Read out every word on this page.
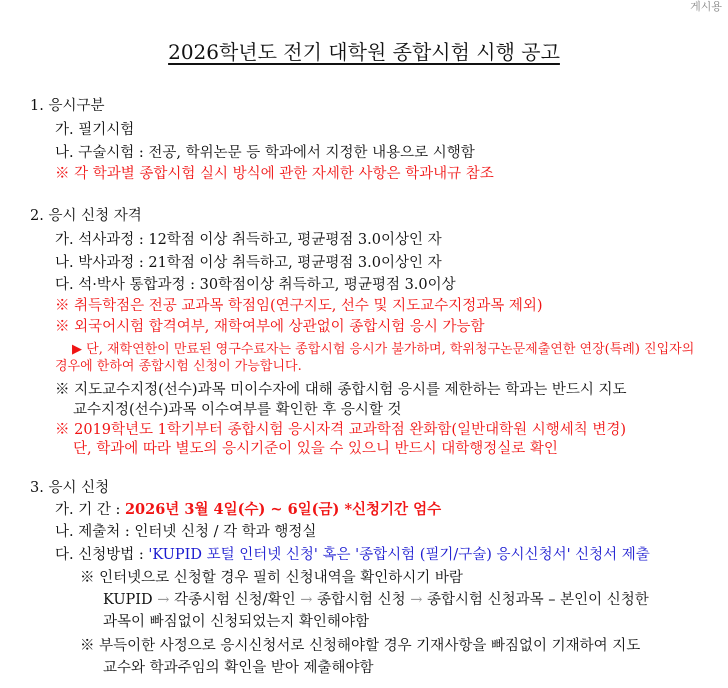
게시용
2026학년도 전기 대학원 종합시험 시행 공고
1. 응시구분
가. 필기시험
나. 구술시험 : 전공, 학위논문 등 학과에서 지정한 내용으로 시행함
※ 각 학과별 종합시험 실시 방식에 관한 자세한 사항은 학과내규 참조
2. 응시 신청 자격
가. 석사과정 : 12학점 이상 취득하고, 평균평점 3.0이상인 자
나. 박사과정 : 21학점 이상 취득하고, 평균평점 3.0이상인 자
다. 석·박사 통합과정 : 30학점이상 취득하고, 평균평점 3.0이상
※ 취득학점은 전공 교과목 학점임(연구지도, 선수 및 지도교수지정과목 제외)
※ 외국어시험 합격여부, 재학여부에 상관없이 종합시험 응시 가능함
▶ 단, 재학연한이 만료된 영구수료자는 종합시험 응시가 불가하며, 학위청구논문제출연한 연장(특례) 진입자의
경우에 한하여 종합시험 신청이 가능합니다.
※ 지도교수지정(선수)과목 미이수자에 대해 종합시험 응시를 제한하는 학과는 반드시 지도
교수지정(선수)과목 이수여부를 확인한 후 응시할 것
※ 2019학년도 1학기부터 종합시험 응시자격 교과학점 완화함(일반대학원 시행세칙 변경)
단, 학과에 따라 별도의 응시기준이 있을 수 있으니 반드시 대학행정실로 확인
3. 응시 신청
가. 기 간 : 2026년 3월 4일(수) ~ 6일(금) *신청기간 엄수
나. 제출처 : 인터넷 신청 / 각 학과 행정실
다. 신청방법 : 'KUPID 포털 인터넷 신청' 혹은 '종합시험 (필기/구술) 응시신청서' 신청서 제출
※ 인터넷으로 신청할 경우 필히 신청내역을 확인하시기 바람
KUPID → 각종시험 신청/확인 → 종합시험 신청 → 종합시험 신청과목 – 본인이 신청한
과목이 빠짐없이 신청되었는지 확인해야함
※ 부득이한 사정으로 응시신청서로 신청해야할 경우 기재사항을 빠짐없이 기재하여 지도
교수와 학과주임의 확인을 받아 제출해야함
